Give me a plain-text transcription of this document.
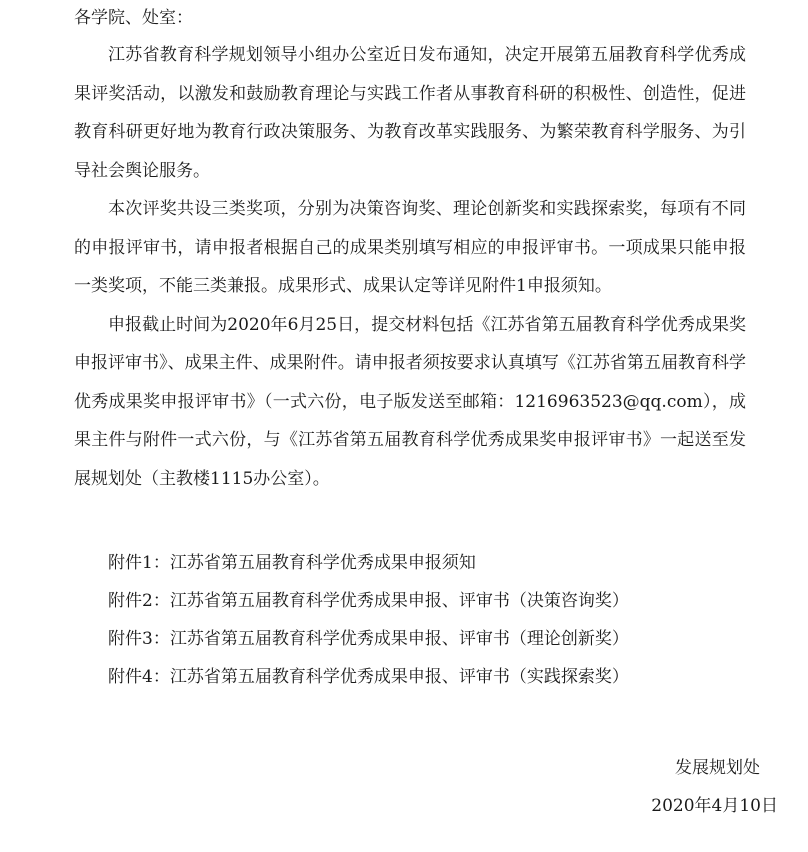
各学院、处室：

江苏省教育科学规划领导小组办公室近日发布通知，决定开展第五届教育科学优秀成果评奖活动，以激发和鼓励教育理论与实践工作者从事教育科研的积极性、创造性，促进教育科研更好地为教育行政决策服务、为教育改革实践服务、为繁荣教育科学服务、为引导社会舆论服务。

本次评奖共设三类奖项，分别为决策咨询奖、理论创新奖和实践探索奖，每项有不同的申报评审书，请申报者根据自己的成果类别填写相应的申报评审书。一项成果只能申报一类奖项，不能三类兼报。成果形式、成果认定等详见附件1申报须知。

申报截止时间为2020年6月25日，提交材料包括《江苏省第五届教育科学优秀成果奖申报评审书》、成果主件、成果附件。请申报者须按要求认真填写《江苏省第五届教育科学优秀成果奖申报评审书》（一式六份，电子版发送至邮箱：1216963523@qq.com），成果主件与附件一式六份，与《江苏省第五届教育科学优秀成果奖申报评审书》一起送至发展规划处（主教楼1115办公室）。

附件1：江苏省第五届教育科学优秀成果申报须知
附件2：江苏省第五届教育科学优秀成果申报、评审书（决策咨询奖）
附件3：江苏省第五届教育科学优秀成果申报、评审书（理论创新奖）
附件4：江苏省第五届教育科学优秀成果申报、评审书（实践探索奖）
发展规划处
2020年4月10日
